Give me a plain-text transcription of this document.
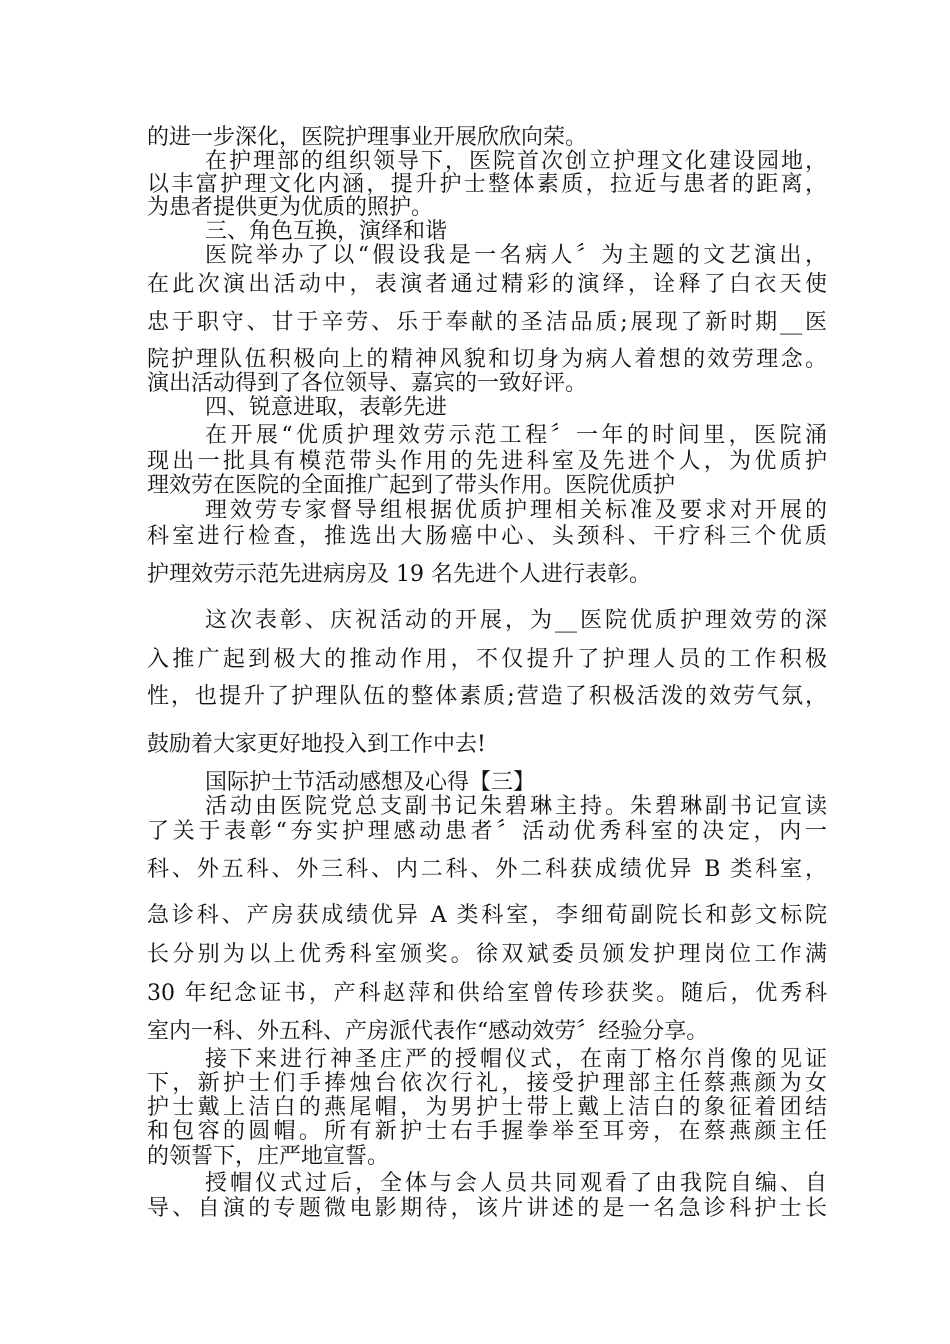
的进一步深化，医院护理事业开展欣欣向荣。
在护理部的组织领导下，医院首次创立护理文化建设园地，
以丰富护理文化内涵，提升护士整体素质，拉近与患者的距离，
为患者提供更为优质的照护。
三、角色互换，演绎和谐
医院举办了以“假设我是一名病人〞为主题的文艺演出，
在此次演出活动中，表演者通过精彩的演绎，诠释了白衣天使
忠于职守、甘于辛劳、乐于奉献的圣洁品质;展现了新时期__医
院护理队伍积极向上的精神风貌和切身为病人着想的效劳理念。
演出活动得到了各位领导、嘉宾的一致好评。
四、锐意进取，表彰先进
在开展“优质护理效劳示范工程〞一年的时间里，医院涌
现出一批具有模范带头作用的先进科室及先进个人，为优质护
理效劳在医院的全面推广起到了带头作用。医院优质护
理效劳专家督导组根据优质护理相关标准及要求对开展的
科室进行检查，推选出大肠癌中心、头颈科、干疗科三个优质
护理效劳示范先进病房及 19 名先进个人进行表彰。
这次表彰、庆祝活动的开展，为__医院优质护理效劳的深
入推广起到极大的推动作用，不仅提升了护理人员的工作积极
性，也提升了护理队伍的整体素质;营造了积极活泼的效劳气氛，
鼓励着大家更好地投入到工作中去!
国际护士节活动感想及心得【三】
活动由医院党总支副书记朱碧琳主持。朱碧琳副书记宣读
了关于表彰“夯实护理感动患者〞活动优秀科室的决定，内一
科、外五科、外三科、内二科、外二科获成绩优异 B 类科室，
急诊科、产房获成绩优异 A 类科室，李细荀副院长和彭文标院
长分别为以上优秀科室颁奖。徐双斌委员颁发护理岗位工作满
30 年纪念证书，产科赵萍和供给室曾传珍获奖。随后，优秀科
室内一科、外五科、产房派代表作“感动效劳〞经验分享。
接下来进行神圣庄严的授帽仪式，在南丁格尔肖像的见证
下，新护士们手捧烛台依次行礼，接受护理部主任蔡燕颜为女
护士戴上洁白的燕尾帽，为男护士带上戴上洁白的象征着团结
和包容的圆帽。所有新护士右手握拳举至耳旁，在蔡燕颜主任
的领誓下，庄严地宣誓。
授帽仪式过后，全体与会人员共同观看了由我院自编、自
导、自演的专题微电影期待，该片讲述的是一名急诊科护士长
